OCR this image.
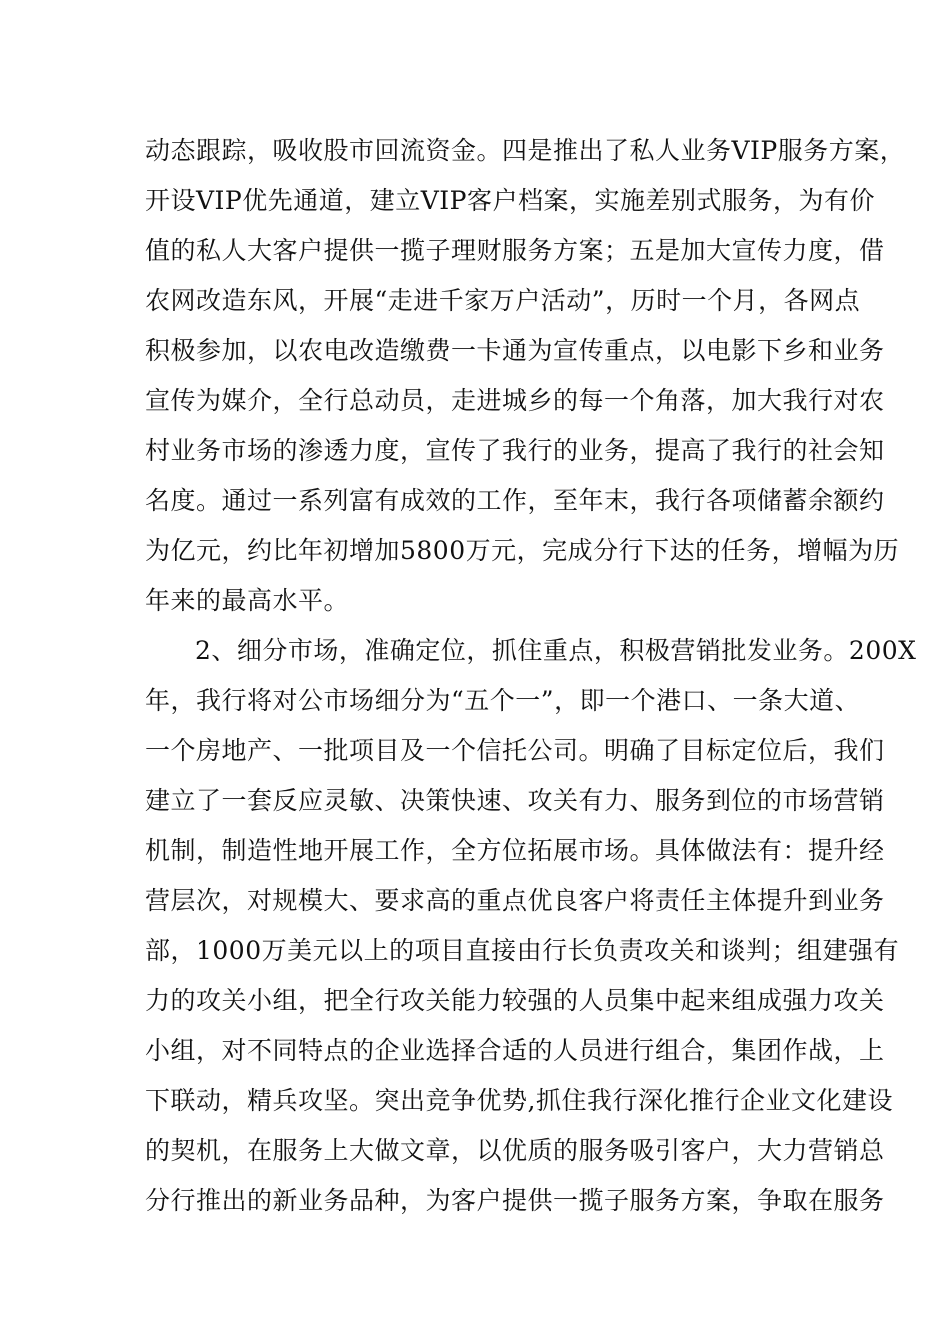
动态跟踪，吸收股市回流资金。四是推出了私人业务VIP服务方案，
开设VIP优先通道，建立VIP客户档案，实施差别式服务，为有价
值的私人大客户提供一揽子理财服务方案；五是加大宣传力度，借
农网改造东风，开展“走进千家万户活动”，历时一个月，各网点
积极参加，以农电改造缴费一卡通为宣传重点，以电影下乡和业务
宣传为媒介，全行总动员，走进城乡的每一个角落，加大我行对农
村业务市场的渗透力度，宣传了我行的业务，提高了我行的社会知
名度。通过一系列富有成效的工作，至年末，我行各项储蓄余额约
为亿元，约比年初增加5800万元，完成分行下达的任务，增幅为历
年来的最高水平。
2、细分市场，准确定位，抓住重点，积极营销批发业务。200X
年，我行将对公市场细分为“五个一”，即一个港口、一条大道、
一个房地产、一批项目及一个信托公司。明确了目标定位后，我们
建立了一套反应灵敏、决策快速、攻关有力、服务到位的市场营销
机制，制造性地开展工作，全方位拓展市场。具体做法有：提升经
营层次，对规模大、要求高的重点优良客户将责任主体提升到业务
部，1000万美元以上的项目直接由行长负责攻关和谈判；组建强有
力的攻关小组，把全行攻关能力较强的人员集中起来组成强力攻关
小组，对不同特点的企业选择合适的人员进行组合，集团作战，上
下联动，精兵攻坚。突出竞争优势,抓住我行深化推行企业文化建设
的契机，在服务上大做文章，以优质的服务吸引客户，大力营销总
分行推出的新业务品种，为客户提供一揽子服务方案，争取在服务
